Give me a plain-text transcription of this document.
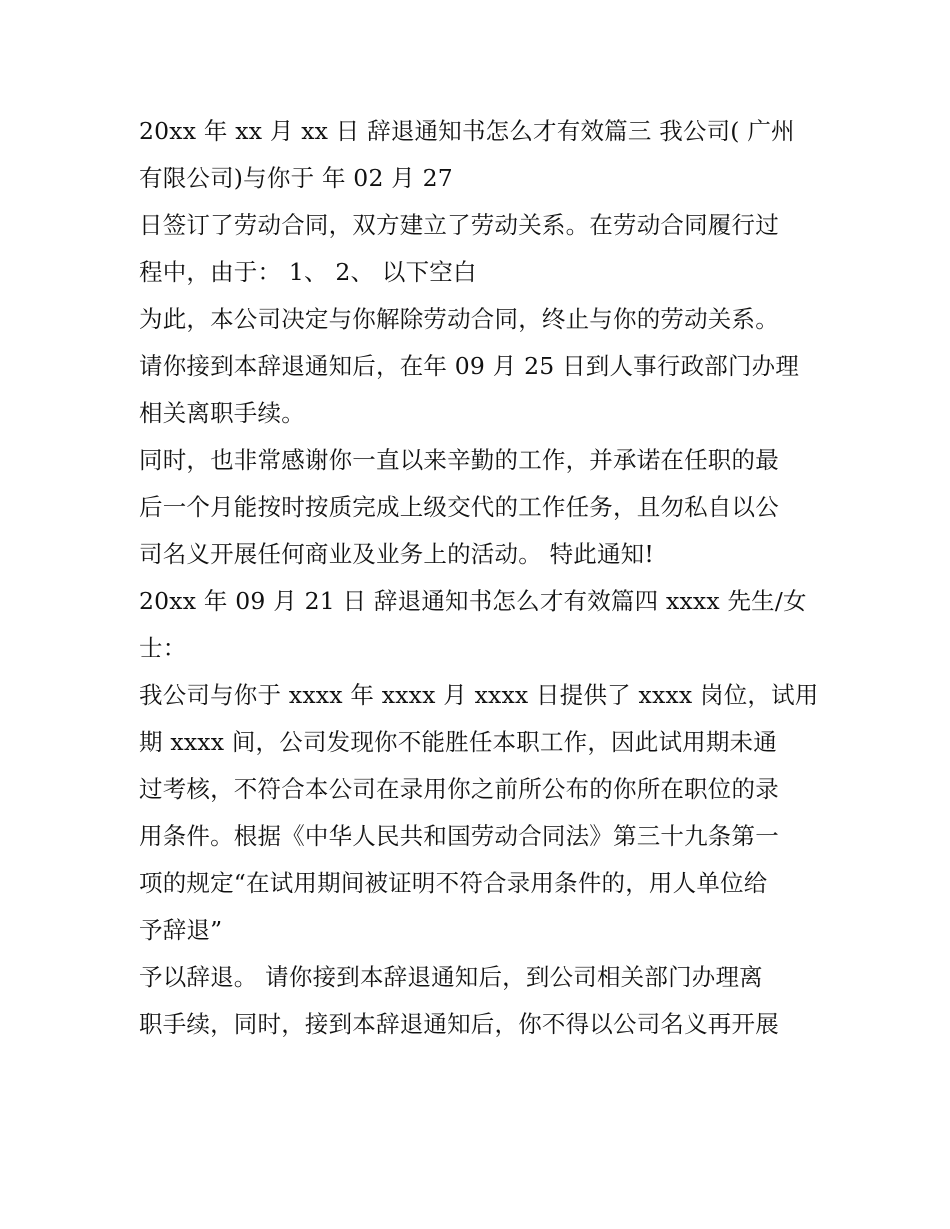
20xx 年 xx 月 xx 日 辞退通知书怎么才有效篇三 我公司( 广州
有限公司)与你于 年 02 月 27
日签订了劳动合同，双方建立了劳动关系。在劳动合同履行过
程中，由于： 1、 2、 以下空白
为此，本公司决定与你解除劳动合同，终止与你的劳动关系。
请你接到本辞退通知后，在年 09 月 25 日到人事行政部门办理
相关离职手续。
同时，也非常感谢你一直以来辛勤的工作，并承诺在任职的最
后一个月能按时按质完成上级交代的工作任务，且勿私自以公
司名义开展任何商业及业务上的活动。 特此通知!
20xx 年 09 月 21 日 辞退通知书怎么才有效篇四 xxxx 先生/女
士：
我公司与你于 xxxx 年 xxxx 月 xxxx 日提供了 xxxx 岗位，试用
期 xxxx 间，公司发现你不能胜任本职工作，因此试用期未通
过考核，不符合本公司在录用你之前所公布的你所在职位的录
用条件。根据《中华人民共和国劳动合同法》第三十九条第一
项的规定“在试用期间被证明不符合录用条件的，用人单位给
予辞退”
予以辞退。 请你接到本辞退通知后，到公司相关部门办理离
职手续，同时，接到本辞退通知后，你不得以公司名义再开展
